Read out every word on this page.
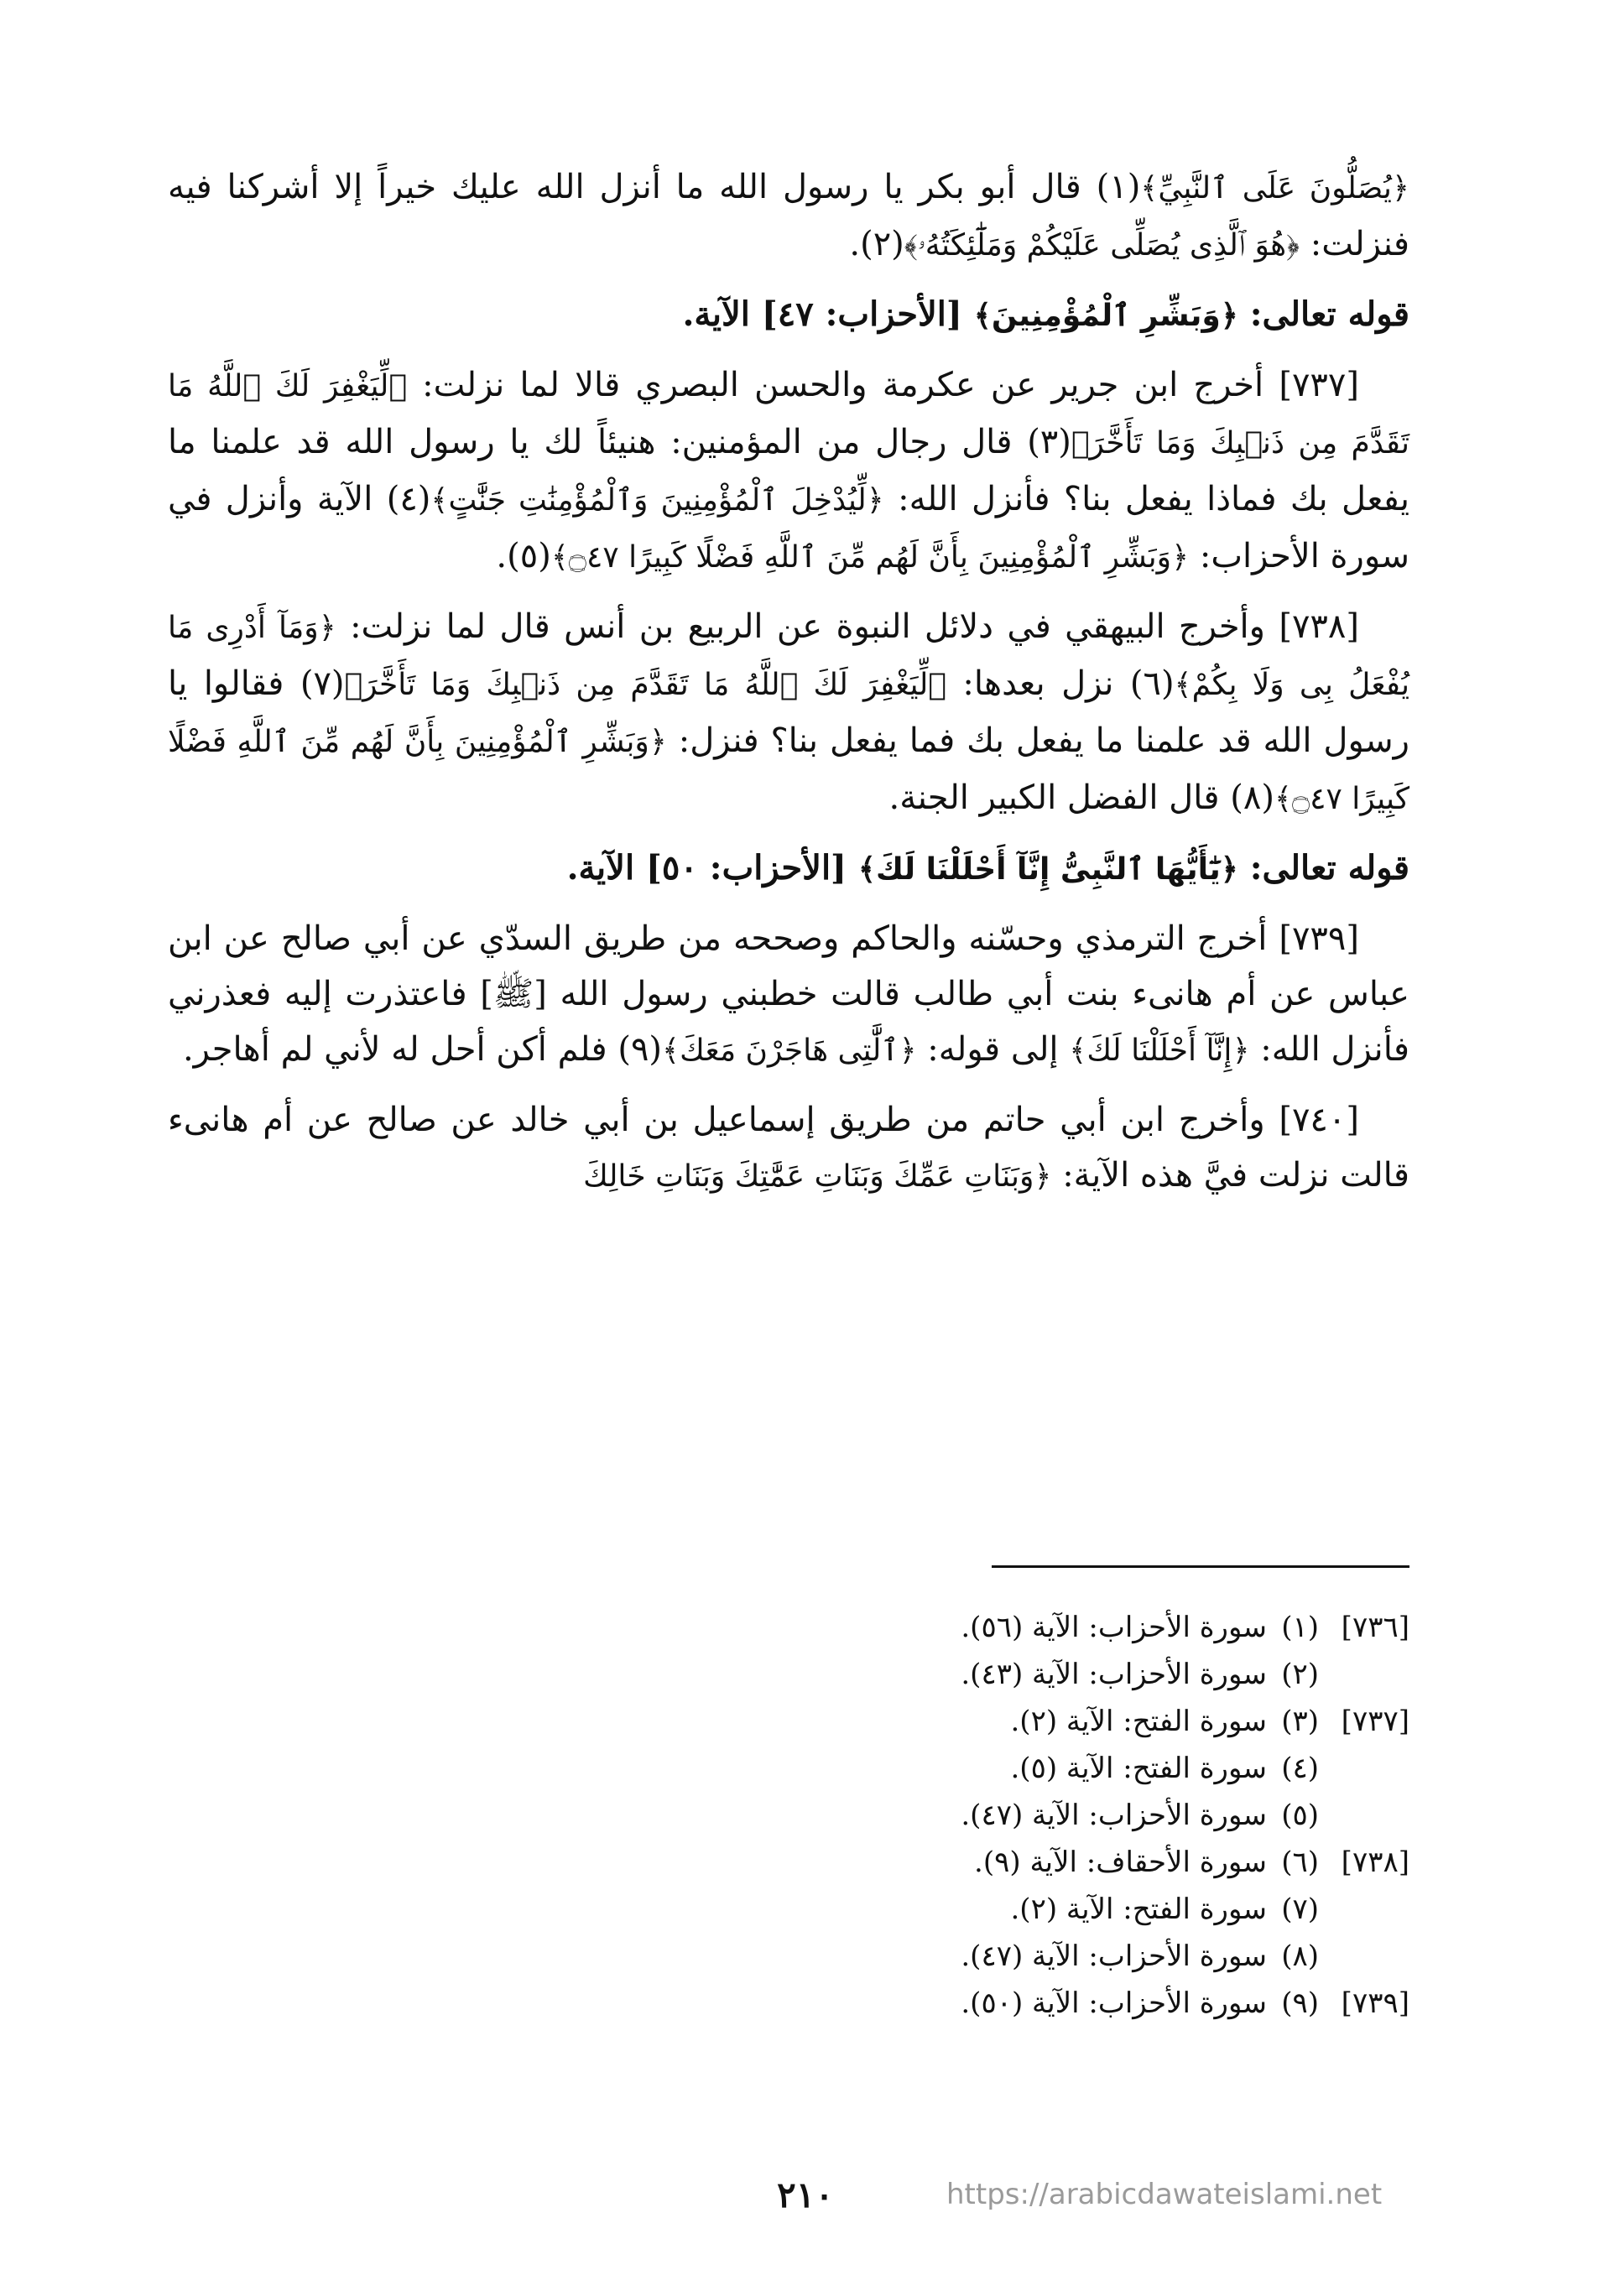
﴿يُصَلُّونَ عَلَى ٱلنَّبِيِّ﴾(١) قال أبو بكر يا رسول الله ما أنزل الله عليك خيراً إلا أشركنا فيه فنزلت: ﴿هُوَ ٱلَّذِى يُصَلِّى عَلَيْكُمْ وَمَلَٰٓئِكَتُهُۥ﴾(٢).

قوله تعالى: ﴿وَبَشِّرِ ٱلْمُؤْمِنِينَ﴾ [الأحزاب: ٤٧] الآية.

[٧٣٧] أخرج ابن جرير عن عكرمة والحسن البصري قالا لما نزلت: ﴿لِّيَغْفِرَ لَكَ ٱللَّهُ مَا تَقَدَّمَ مِن ذَنۢبِكَ وَمَا تَأَخَّرَ﴾(٣) قال رجال من المؤمنين: هنيئاً لك يا رسول الله قد علمنا ما يفعل بك فماذا يفعل بنا؟ فأنزل الله: ﴿لِّيُدْخِلَ ٱلْمُؤْمِنِينَ وَٱلْمُؤْمِنَٰتِ جَنَّٰتٍ﴾(٤) الآية وأنزل في سورة الأحزاب: ﴿وَبَشِّرِ ٱلْمُؤْمِنِينَ بِأَنَّ لَهُم مِّنَ ٱللَّهِ فَضْلًا كَبِيرًا ۝٤٧﴾(٥).

[٧٣٨] وأخرج البيهقي في دلائل النبوة عن الربيع بن أنس قال لما نزلت: ﴿وَمَآ أَدْرِى مَا يُفْعَلُ بِى وَلَا بِكُمْ﴾(٦) نزل بعدها: ﴿لِّيَغْفِرَ لَكَ ٱللَّهُ مَا تَقَدَّمَ مِن ذَنۢبِكَ وَمَا تَأَخَّرَ﴾(٧) فقالوا يا رسول الله قد علمنا ما يفعل بك فما يفعل بنا؟ فنزل: ﴿وَبَشِّرِ ٱلْمُؤْمِنِينَ بِأَنَّ لَهُم مِّنَ ٱللَّهِ فَضْلًا كَبِيرًا ۝٤٧﴾(٨) قال الفضل الكبير الجنة.

قوله تعالى: ﴿يَٰٓأَيُّهَا ٱلنَّبِىُّ إِنَّآ أَحْلَلْنَا لَكَ﴾ [الأحزاب: ٥٠] الآية.

[٧٣٩] أخرج الترمذي وحسّنه والحاكم وصححه من طريق السدّي عن أبي صالح عن ابن عباس عن أم هانىء بنت أبي طالب قالت خطبني رسول الله [ﷺ] فاعتذرت إليه فعذرني فأنزل الله: ﴿إِنَّآ أَحْلَلْنَا لَكَ﴾ إلى قوله: ﴿ٱلَّٰتِى هَاجَرْنَ مَعَكَ﴾(٩) فلم أكن أحل له لأني لم أهاجر.

[٧٤٠] وأخرج ابن أبي حاتم من طريق إسماعيل بن أبي خالد عن صالح عن أم هانىء قالت نزلت فيَّ هذه الآية: ﴿وَبَنَاتِ عَمِّكَ وَبَنَاتِ عَمَّٰتِكَ وَبَنَاتِ خَالِكَ

[٧٣٦]
(١)
سورة الأحزاب: الآية (٥٦).
(٢)
سورة الأحزاب: الآية (٤٣).
[٧٣٧]
(٣)
سورة الفتح: الآية (٢).
(٤)
سورة الفتح: الآية (٥).
(٥)
سورة الأحزاب: الآية (٤٧).
[٧٣٨]
(٦)
سورة الأحقاف: الآية (٩).
(٧)
سورة الفتح: الآية (٢).
(٨)
سورة الأحزاب: الآية (٤٧).
[٧٣٩]
(٩)
سورة الأحزاب: الآية (٥٠).
٢١٠	https://arabicdawateislami.net
